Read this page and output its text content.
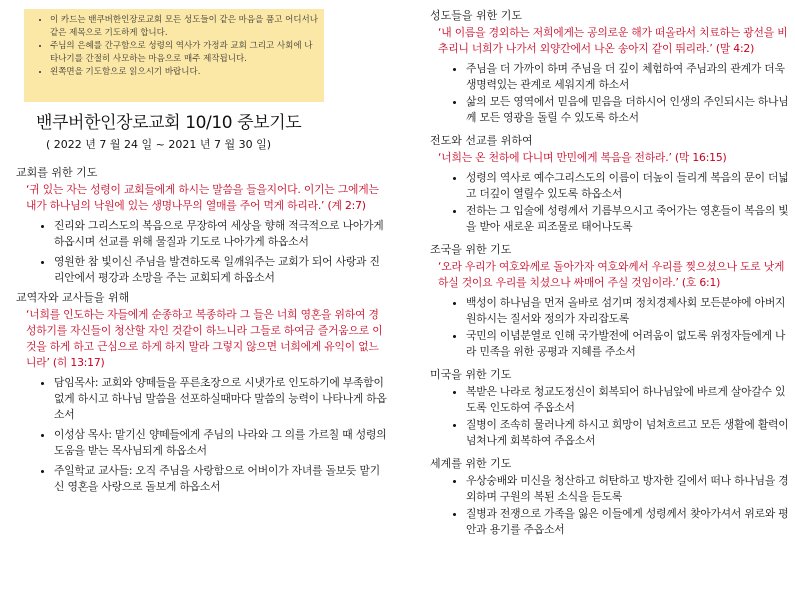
• 이 카드는 밴쿠버한인장로교회 모든 성도들이 같은 마음을 품고 어디서나 같은 제목으로 기도하게 합니다.
• 주님의 은혜를 간구함으로 성령의 역사가 가정과 교회 그리고 사회에 나타나기를 간절히 사모하는 마음으로 매주 제작됩니다.
• 왼쪽면을 기도함으로 읽으시기 바랍니다.
밴쿠버한인장로교회 10/10 중보기도
( 2022 년 7 월 24 일 ~ 2021 년 7 월 30 일)
교회를 위한 기도
‘귀 있는 자는 성령이 교회들에게 하시는 말씀을 들을지어다. 이기는 그에게는 내가 하나님의 낙원에 있는 생명나무의 열매를 주어 먹게 하리라.’ (계 2:7)
• 진리와 그리스도의 복음으로 무장하여 세상을 향해 적극적으로 나아가게 하옵시며 선교를 위해 물질과 기도로 나아가게 하옵소서
• 영원한 참 빛이신 주님을 발견하도록 일깨워주는 교회가 되어 사랑과 진리안에서 평강과 소망을 주는 교회되게 하옵소서
교역자와 교사들을 위해
‘너희를 인도하는 자들에게 순종하고 복종하라 그 들은 너희 영혼을 위하여 경성하기를 자신들이 청산할 자인 것같이 하느니라 그들로 하여금 즐거움으로 이것을 하게 하고 근심으로 하게 하지 말라 그렇지 않으면 너희에게 유익이 없느니라’ (히 13:17)
• 담임목사: 교회와 양떼들을 푸른초장으로 시냇가로 인도하기에 부족함이 없게 하시고 하나님 말씀을 선포하실때마다 말씀의 능력이 나타나게 하옵소서
• 이성삼 목사: 맡기신 양떼들에게 주님의 나라와 그 의를 가르칠 때 성령의 도움을 받는 목사님되게 하옵소서
• 주일학교 교사들: 오직 주님을 사랑함으로 어버이가 자녀를 돌보듯 맡기신 영혼을 사랑으로 돌보게 하옵소서
성도들을 위한 기도
‘내 이름을 경외하는 저희에게는 공의로운 해가 떠올라서 치료하는 광선을 비추리니 너희가 나가서 외양간에서 나온 송아지 같이 뛰리라.’ (말 4:2)
• 주님을 더 가까이 하며 주님을 더 깊이 체험하여 주님과의 관계가 더욱 생명력있는 관계로 세워지게 하소서
• 삶의 모든 영역에서 믿음에 믿음을 더하시어 인생의 주인되시는 하나님께 모든 영광을 돌릴 수 있도록 하소서
전도와 선교를 위하여
‘너희는 온 천하에 다니며 만민에게 복음을 전하라.’ (막 16:15)
• 성령의 역사로 예수그리스도의 이름이 더높이 들리게 복음의 문이 더넓고 더깊이 열릴수 있도록 하옵소서
• 전하는 그 입술에 성령께서 기름부으시고 죽어가는 영혼들이 복음의 빛을 받아 새로운 피조물로 태어나도록
조국을 위한 기도
‘오라 우리가 여호와께로 돌아가자 여호와께서 우리를 찢으셨으나 도로 낫게 하실 것이요 우리를 치셨으나 싸매어 주실 것임이라.’ (호 6:1)
• 백성이 하나님을 먼저 올바로 섬기며 정치경제사회 모든분야에 아버지 원하시는 질서와 정의가 자리잡도록
• 국민의 이념분열로 인해 국가발전에 어려움이 없도록 위정자들에게 나라 민족을 위한 공평과 지혜를 주소서
미국을 위한 기도
• 복받은 나라로 청교도정신이 회복되어 하나님앞에 바르게 살아갈수 있도록 인도하여 주옵소서
• 질병이 조속히 물러나게 하시고 희망이 넘쳐흐르고 모든 생활에 활력이 넘쳐나게 회복하여 주옵소서
세계를 위한 기도
• 우상숭배와 미신을 청산하고 허탄하고 방자한 길에서 떠나 하나님을 경외하며 구원의 복된 소식을 듣도록
• 질병과 전쟁으로 가족을 잃은 이들에게 성령께서 찾아가셔서 위로와 평안과 용기를 주옵소서
